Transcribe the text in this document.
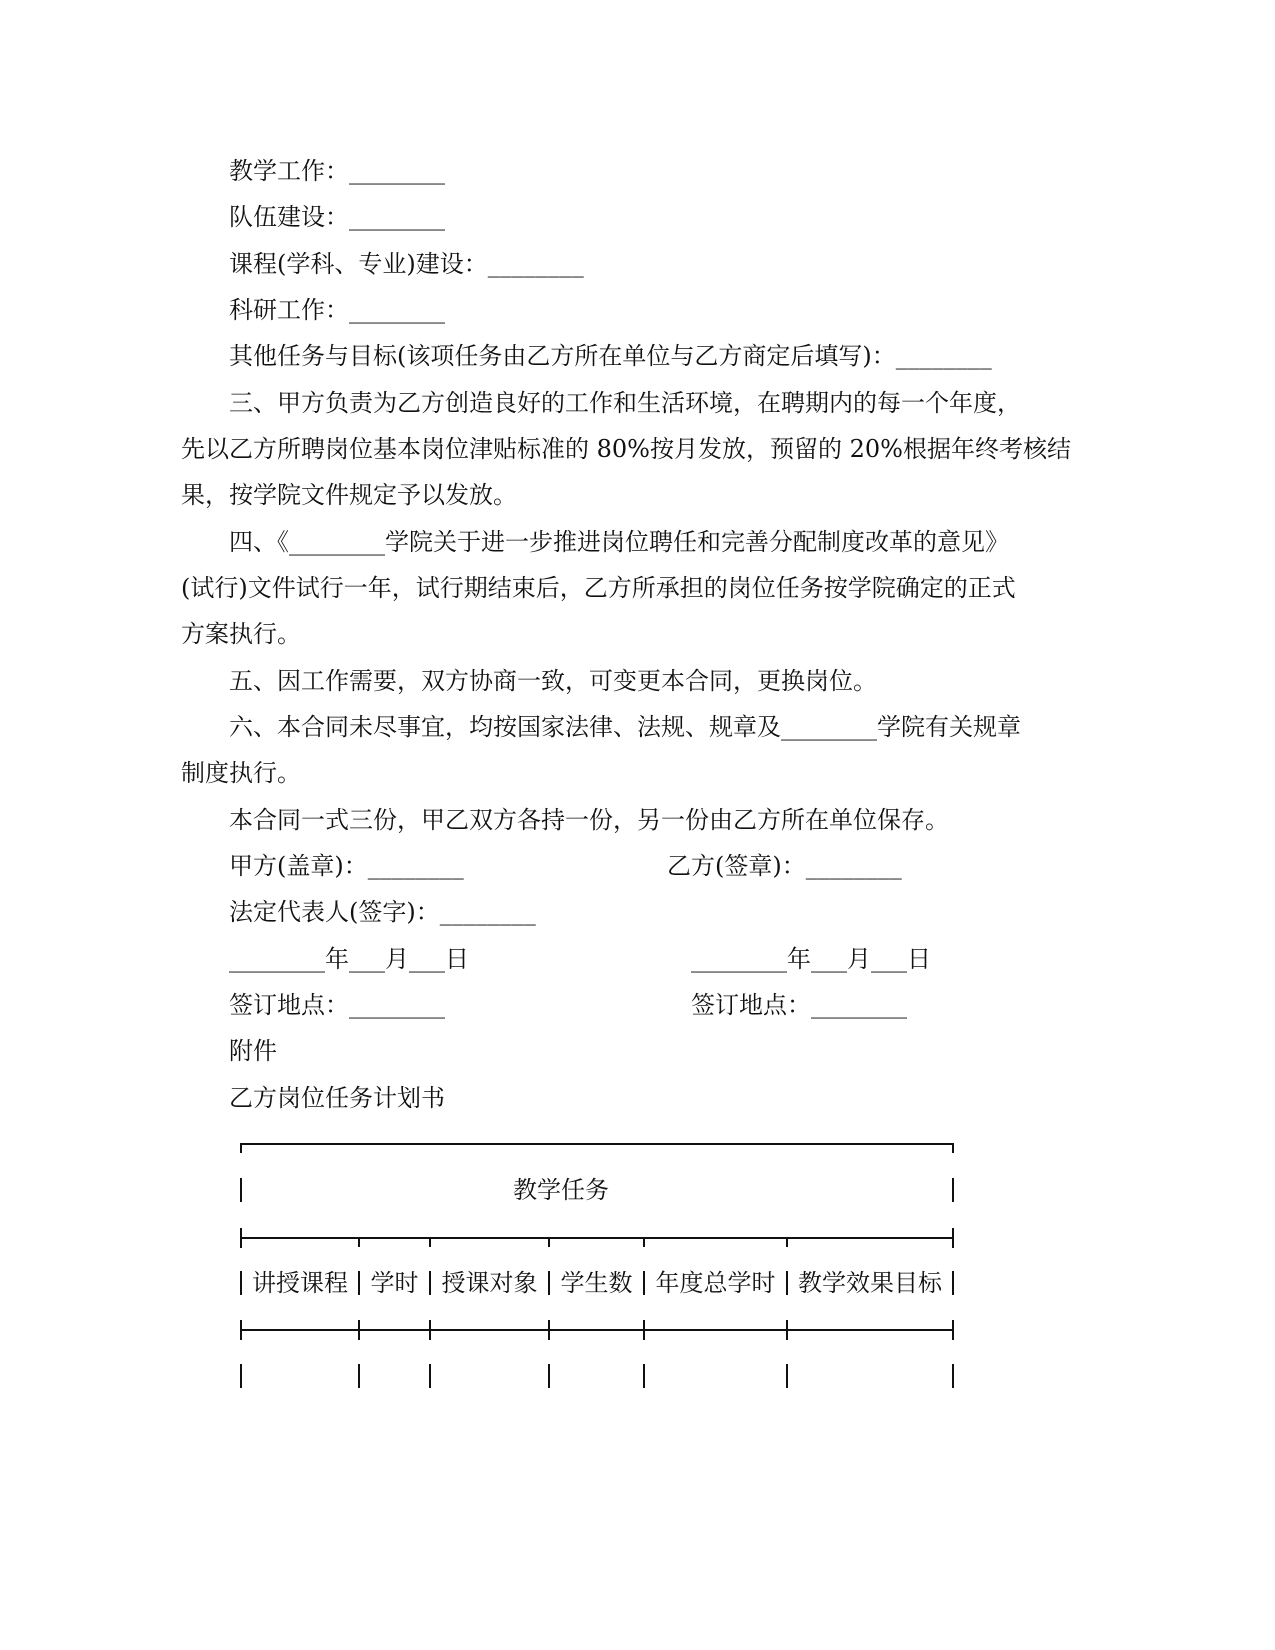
教学工作：________
队伍建设：________
课程(学科、专业)建设：________
科研工作：________
其他任务与目标(该项任务由乙方所在单位与乙方商定后填写)：________
三、甲方负责为乙方创造良好的工作和生活环境，在聘期内的每一个年度，
先以乙方所聘岗位基本岗位津贴标准的 80%按月发放，预留的 20%根据年终考核结
果，按学院文件规定予以发放。
四、《________学院关于进一步推进岗位聘任和完善分配制度改革的意见》
(试行)文件试行一年，试行期结束后，乙方所承担的岗位任务按学院确定的正式
方案执行。
五、因工作需要，双方协商一致，可变更本合同，更换岗位。
六、本合同未尽事宜，均按国家法律、法规、规章及________学院有关规章
制度执行。
本合同一式三份，甲乙双方各持一份，另一份由乙方所在单位保存。
甲方(盖章)：________	乙方(签章)：________
法定代表人(签字)：________
________年___月___日	________年___月___日
签订地点：________	签订地点：________
附件
乙方岗位任务计划书
教学任务
讲授课程 学时 授课对象 学生数 年度总学时 教学效果目标
